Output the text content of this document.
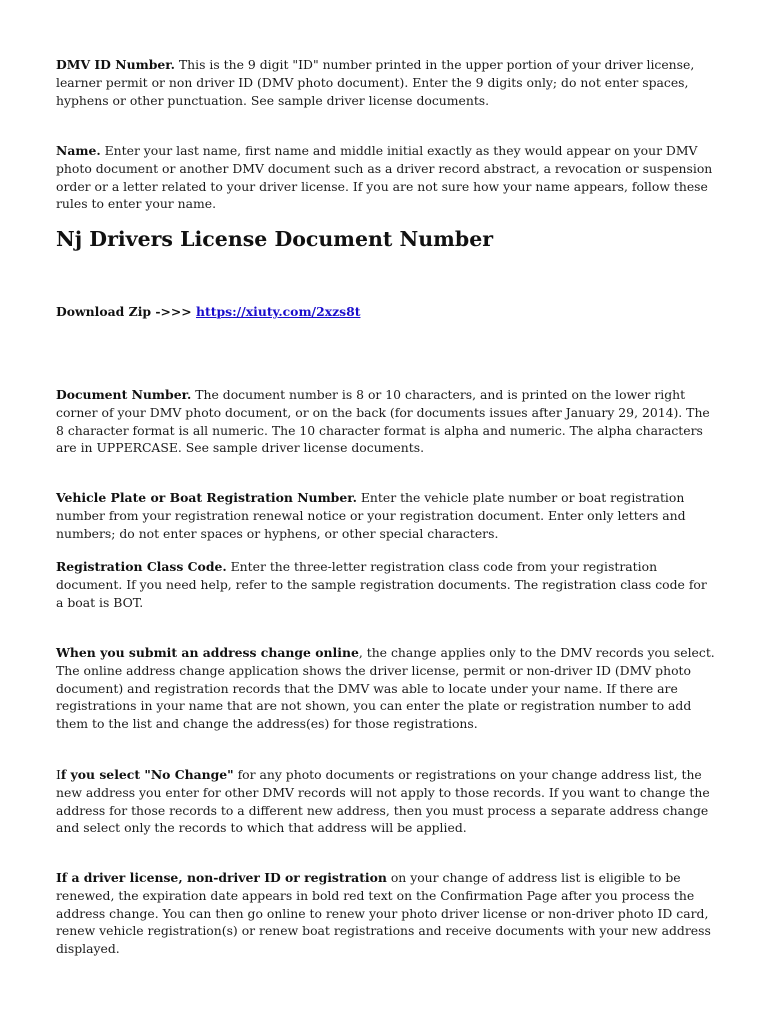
DMV ID Number. This is the 9 digit "ID" number printed in the upper portion of your driver license, learner permit or non driver ID (DMV photo document). Enter the 9 digits only; do not enter spaces, hyphens or other punctuation. See sample driver license documents.

Name. Enter your last name, first name and middle initial exactly as they would appear on your DMV photo document or another DMV document such as a driver record abstract, a revocation or suspension order or a letter related to your driver license. If you are not sure how your name appears, follow these rules to enter your name.

Nj Drivers License Document Number

Download Zip ->>> https://xiuty.com/2xzs8t

Document Number. The document number is 8 or 10 characters, and is printed on the lower right corner of your DMV photo document, or on the back (for documents issues after January 29, 2014). The 8 character format is all numeric. The 10 character format is alpha and numeric. The alpha characters are in UPPERCASE. See sample driver license documents.

Vehicle Plate or Boat Registration Number. Enter the vehicle plate number or boat registration number from your registration renewal notice or your registration document. Enter only letters and numbers; do not enter spaces or hyphens, or other special characters.

Registration Class Code. Enter the three-letter registration class code from your registration document. If you need help, refer to the sample registration documents. The registration class code for a boat is BOT.

When you submit an address change online, the change applies only to the DMV records you select. The online address change application shows the driver license, permit or non-driver ID (DMV photo document) and registration records that the DMV was able to locate under your name. If there are registrations in your name that are not shown, you can enter the plate or registration number to add them to the list and change the address(es) for those registrations.

If you select "No Change" for any photo documents or registrations on your change address list, the new address you enter for other DMV records will not apply to those records. If you want to change the address for those records to a different new address, then you must process a separate address change and select only the records to which that address will be applied.

If a driver license, non-driver ID or registration on your change of address list is eligible to be renewed, the expiration date appears in bold red text on the Confirmation Page after you process the address change. You can then go online to renew your photo driver license or non-driver photo ID card, renew vehicle registration(s) or renew boat registrations and receive documents with your new address displayed.
